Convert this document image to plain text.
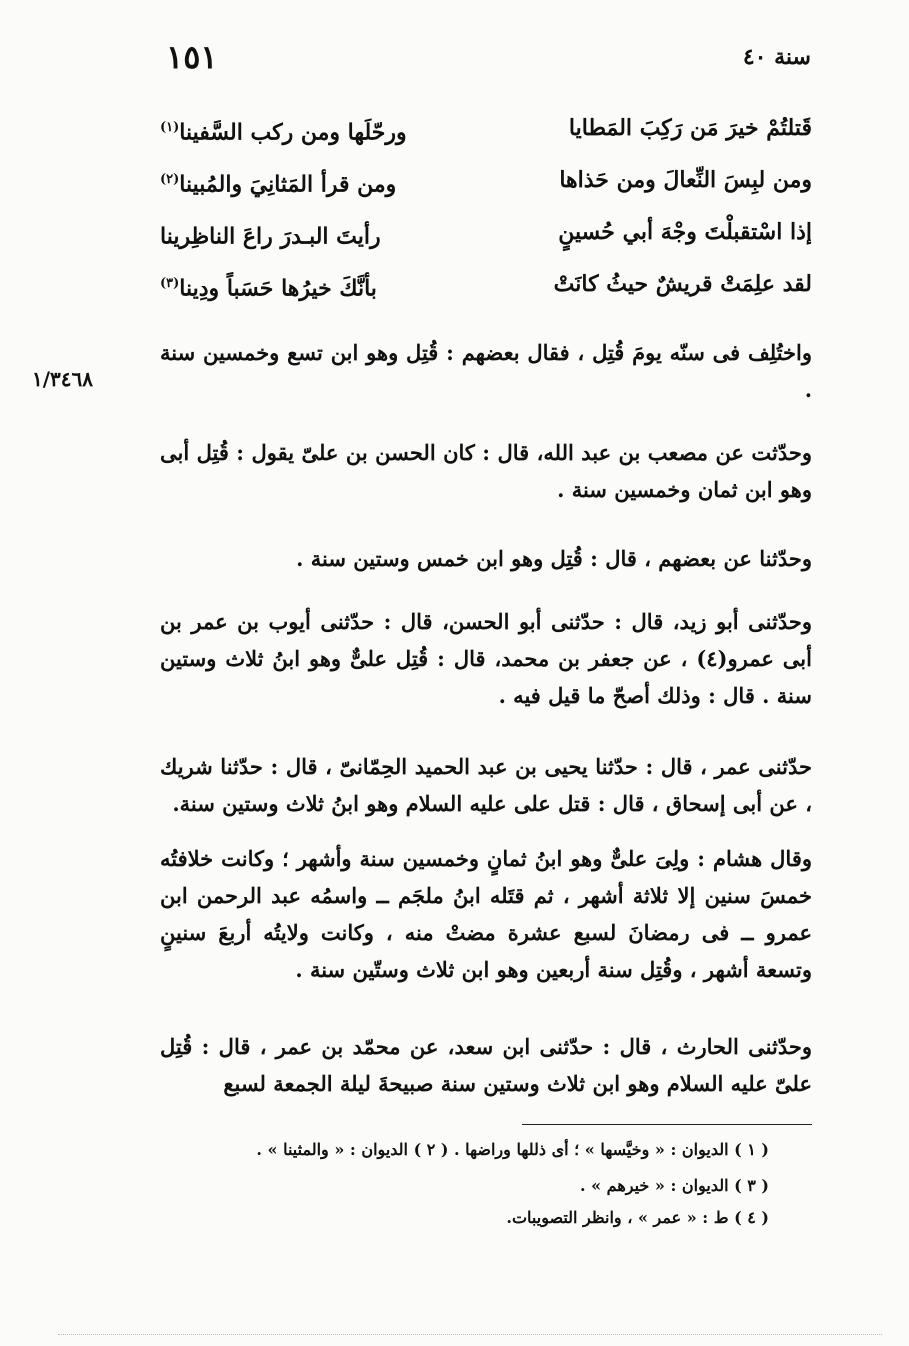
سنة ٤٠
١٥١
قَتلتُمْ خيرَ مَن رَكِبَ المَطايا
ورحّلَها ومن ركب السَّفينا$^{(١)}$
ومن لبِسَ النِّعالَ ومن حَذاها
ومن قرأ المَثانِيَ والمُبينا$^{(٢)}$
إذا اسْتقبلْتَ وجْهَ أبي حُسينٍ
رأيتَ البـدرَ راعَ الناظِرينا
لقد علِمَتْ قريشٌ حيثُ كانَتْ
بأنَّكَ خيرُها حَسَباً ودِينا$^{(٣)}$
١/٣٤٦٨
واختُلِف فى سنّه يومَ قُتِل ، فقال بعضهم : قُتِل وهو ابن تسع وخمسين سنة .
وحدّثت عن مصعب بن عبد الله، قال : كان الحسن بن علىّ يقول : قُتِل أبى وهو ابن ثمان وخمسين سنة .
وحدّثنا عن بعضهم ، قال : قُتِل وهو ابن خمس وستين سنة .
وحدّثنى أبو زيد، قال : حدّثنى أبو الحسن، قال : حدّثنى أيوب بن عمر بن أبى عمرو(٤) ، عن جعفر بن محمد، قال : قُتِل علىٌّ وهو ابنُ ثلاث وستين سنة . قال : وذلك أصحّ ما قيل فيه .
حدّثنى عمر ، قال : حدّثنا يحيى بن عبد الحميد الحِمّانىّ ، قال : حدّثنا شريك ، عن أبى إسحاق ، قال : قتل على عليه السلام وهو ابنُ ثلاث وستين سنة.
وقال هشام : ولِىَ علىٌّ وهو ابنُ ثمانٍ وخمسين سنة وأشهر ؛ وكانت خلافتُه خمسَ سنين إلا ثلاثة أشهر ، ثم قتَله ابنُ ملجَم ــ واسمُه عبد الرحمن ابن عمرو ــ فى رمضانَ لسبع عشرة مضتْ منه ، وكانت ولايتُه أربعَ سنينٍ وتسعة أشهر ، وقُتِل سنة أربعين وهو ابن ثلاث وستّين سنة .
وحدّثنى الحارث ، قال : حدّثنى ابن سعد، عن محمّد بن عمر ، قال : قُتِل علىّ عليه السلام وهو ابن ثلاث وستين سنة صبيحةَ ليلة الجمعة لسبع
( ١ ) الديوان : « وخيَّسها » ؛ أى ذللها وراضها . ( ٢ ) الديوان : « والمثينا » .
( ٣ ) الديوان : « خيرهم » .
( ٤ ) ط : « عمر » ، وانظر التصويبات.
